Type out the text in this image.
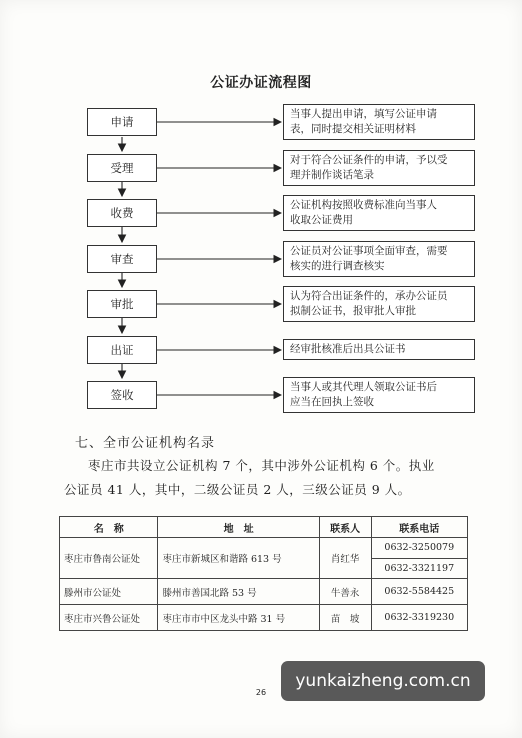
公证办证流程图
申请
受理
收费
审查
审批
出证
签收
当事人提出申请，填写公证申请
表，同时提交相关证明材料
对于符合公证条件的申请，予以受
理并制作谈话笔录
公证机构按照收费标准向当事人
收取公证费用
公证员对公证事项全面审查，需要
核实的进行调查核实
认为符合出证条件的，承办公证员
拟制公证书，报审批人审批
经审批核准后出具公证书
当事人或其代理人领取公证书后
应当在回执上签收
七、全市公证机构名录
枣庄市共设立公证机构 7 个，其中涉外公证机构 6 个。执业
公证员 41 人，其中，二级公证员 2 人，三级公证员 9 人。
名　称	地　址	联系人	联系电话
枣庄市鲁南公证处	枣庄市新城区和谐路 613 号	肖红华	0632-3250079
			0632-3321197
滕州市公证处	滕州市善国北路 53 号	牛善永	0632-5584425
枣庄市兴鲁公证处	枣庄市市中区龙头中路 31 号	苗　坡	0632-3319230
26
yunkaizheng.com.cn
